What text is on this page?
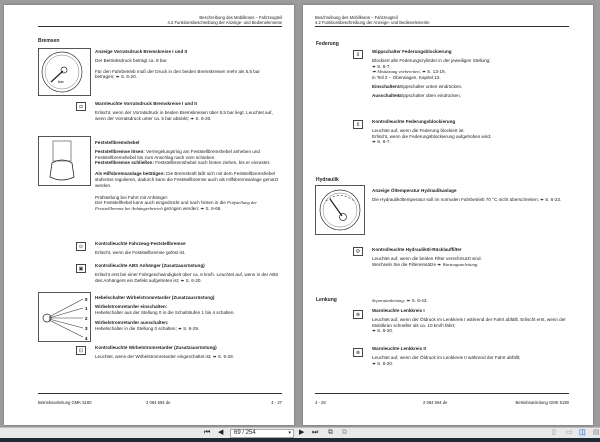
Beschreibung des Mobilkrans – Fahrzeugteil
4.2 Funktionsbeschreibung der Anzeige- und Bedienelemente
Bremsen
bar
Anzeige Vorratsdruck Bremskreise I und II
Der Betriebsdruck beträgt ca. 8 bar.
Für den Fahrbetrieb muß der Druck in den beiden Bremskreisen mehr als 5,5 bar betragen; ➠ S. 6-20.
◘
Warnleuchte Vorratsdruck Bremskreise I und II
Erlischt, wenn der Vorratsdruck in beiden Bremskreisen über 5,5 bar liegt. Leuchtet auf, wenn der Vorratsdruck unter ca. 5 bar absinkt; ➠ S. 6-20.
Feststellbremshebel
Feststellbremse lösen: Verriegelungsring am Feststellbremshebel anheben und Feststellbremshebel bis zum Anschlag nach vorn schieben.
Feststellbremse schließen: Feststellbremshebel nach hinten ziehen, bis er einrastet.
Als Hilfsbremsanlage betätigen: Die Bremskraft läßt sich mit dem Feststellbremshebel stufenlos regulieren, dadurch kann die Feststellbremse auch als Hilfsbremsanlage genutzt werden.
Prüfstellung bei Fahrt mit Anhänger:
Der Feststellhebel kann auch eingedrückt und nach hinten in die Prüfstellung der Feststellbremse bei Anhängerbetrieb gezogen werden; ➠ S. 6-66.
⊙
Kontrolleuchte Fahrzeug-Feststellbremse
Erlischt, wenn die Feststellbremse gelöst ist.
▣
Kontrolleuchte ABS Anhänger (Zusatzausrüstung)
Erlischt erst bei einer Fahrgeschwindigkeit über ca. 6 km/h. Leuchtet auf, wenn in der ABS des Anhängers ein Defekt aufgetreten ist; ➠ S. 6-20.
0
1
2
3
4
Hebelschalter Wirbelstromretarder (Zusatzausrüstung)
Wirbelstromretarder einschalten:
Hebelschalter aus der Stellung 0 in die Schaltstufen 1 bis 4 schalten.
Wirbelstromretarder ausschalten:
Hebelschalter in die Stellung 0 schalten; ➠ S. 6-29.
⊡
Kontrolleuchte Wirbelstromretarder (Zusatzausrüstung)
Leuchtet, wenn der Wirbelstromretarder eingeschaltet ist; ➠ S. 6-29.
Betriebsanleitung GMK 5180	2 084 594 de	4 - 27
Beschreibung des Mobilkrans – Fahrzeugteil
4.2 Funktionsbeschreibung der Anzeige- und Bedienelemente
Federung
⊻
Wippschalter Federungsblockierung
Blockiert alle Federungszylinder in der jeweiligen Stellung;
➠ S. 6-7,
➠ Abstützung vorbereiten; ➠ S. 13-19,
in Teil 2 – Oberwagen, Kapitel 13.
Einschalten:Wippschalter unten eindrücken.
Ausschalten:Wippschalter oben eindrücken.
⊻
Kontrolleuchte Federungsblockierung
Leuchtet auf, wenn die Federung blockiert ist.
Erlischt, wenn die Federungsblockierung aufgehoben wird;
➠ S. 6-7.
Hydraulik
Anzeige Öltemperatur Hydraulikanlage
Die Hydrauliköltemperatur soll im normalen Fahrbetrieb 70 °C nicht überschreiten; ➠ S. 6-23.
Φ	Kontrolleuchte Hydrauliköl-Rücklauffilter
Leuchtet auf, wenn die beiden Filter verschmutzt sind.
Wechseln Sie die Filtereinsätze ➠ Wartungsanleitung.
Lenkung	Separatanleitung; ➠ S. 6-43.
⊗
Warnleuchte Lenkkreis I
Leuchtet auf, wenn der Öldruck im Lenkkreis I während der Fahrt abfällt. Erlischt erst, wenn der Mobilkran schneller als ca. 10 km/h fährt;
➠ S. 6-20.
⊗
Warnleuchte Lenkkreis II
Leuchtet auf, wenn der Öldruck im Lenkkreis II während der Fahrt abfällt;
➠ S. 6-20.
4 - 28	2 084 594 de	Betriebsanleitung GMK 5180
⏮ ◀	69 / 254	▾ ▶ ⏭ ⧉ ⧉	▯ ▭ ◫ ▤
